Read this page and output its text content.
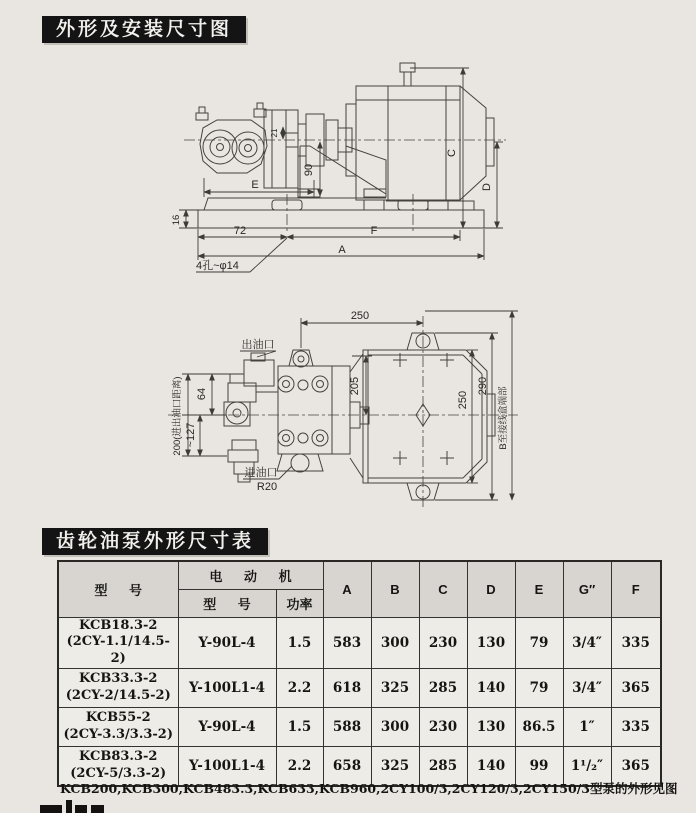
外形及安装尺寸图
C
D
E
16
72	F
A
90
21
4孔~φ14
250
出油口
205
250
290
B至接线盒端部
200(进出油口距离) 64
~127
进油口
R20
齿轮油泵外形尺寸表
型 号	电 动 机		A	B	C	D	E	G″	F
	型 号	功率							

KCB18.3-2
(2CY-1.1/14.5-2)	Y-90L-4	1.5	583	300	230	130	79	3/4″	335

KCB33.3-2
(2CY-2/14.5-2)	Y-100L1-4	2.2	618	325	285	140	79	3/4″	365

KCB55-2
(2CY-3.3/3.3-2)	Y-90L-4	1.5	588	300	230	130	86.5	1″	335

KCB83.3-2
(2CY-5/3.3-2)	Y-100L1-4	2.2	658	325	285	140	99	1¹/₂″	365
KCB200,KCB300,KCB483.3,KCB633,KCB960,2CY100/3,2CY120/3,2CY150/3型泵的外形见图
